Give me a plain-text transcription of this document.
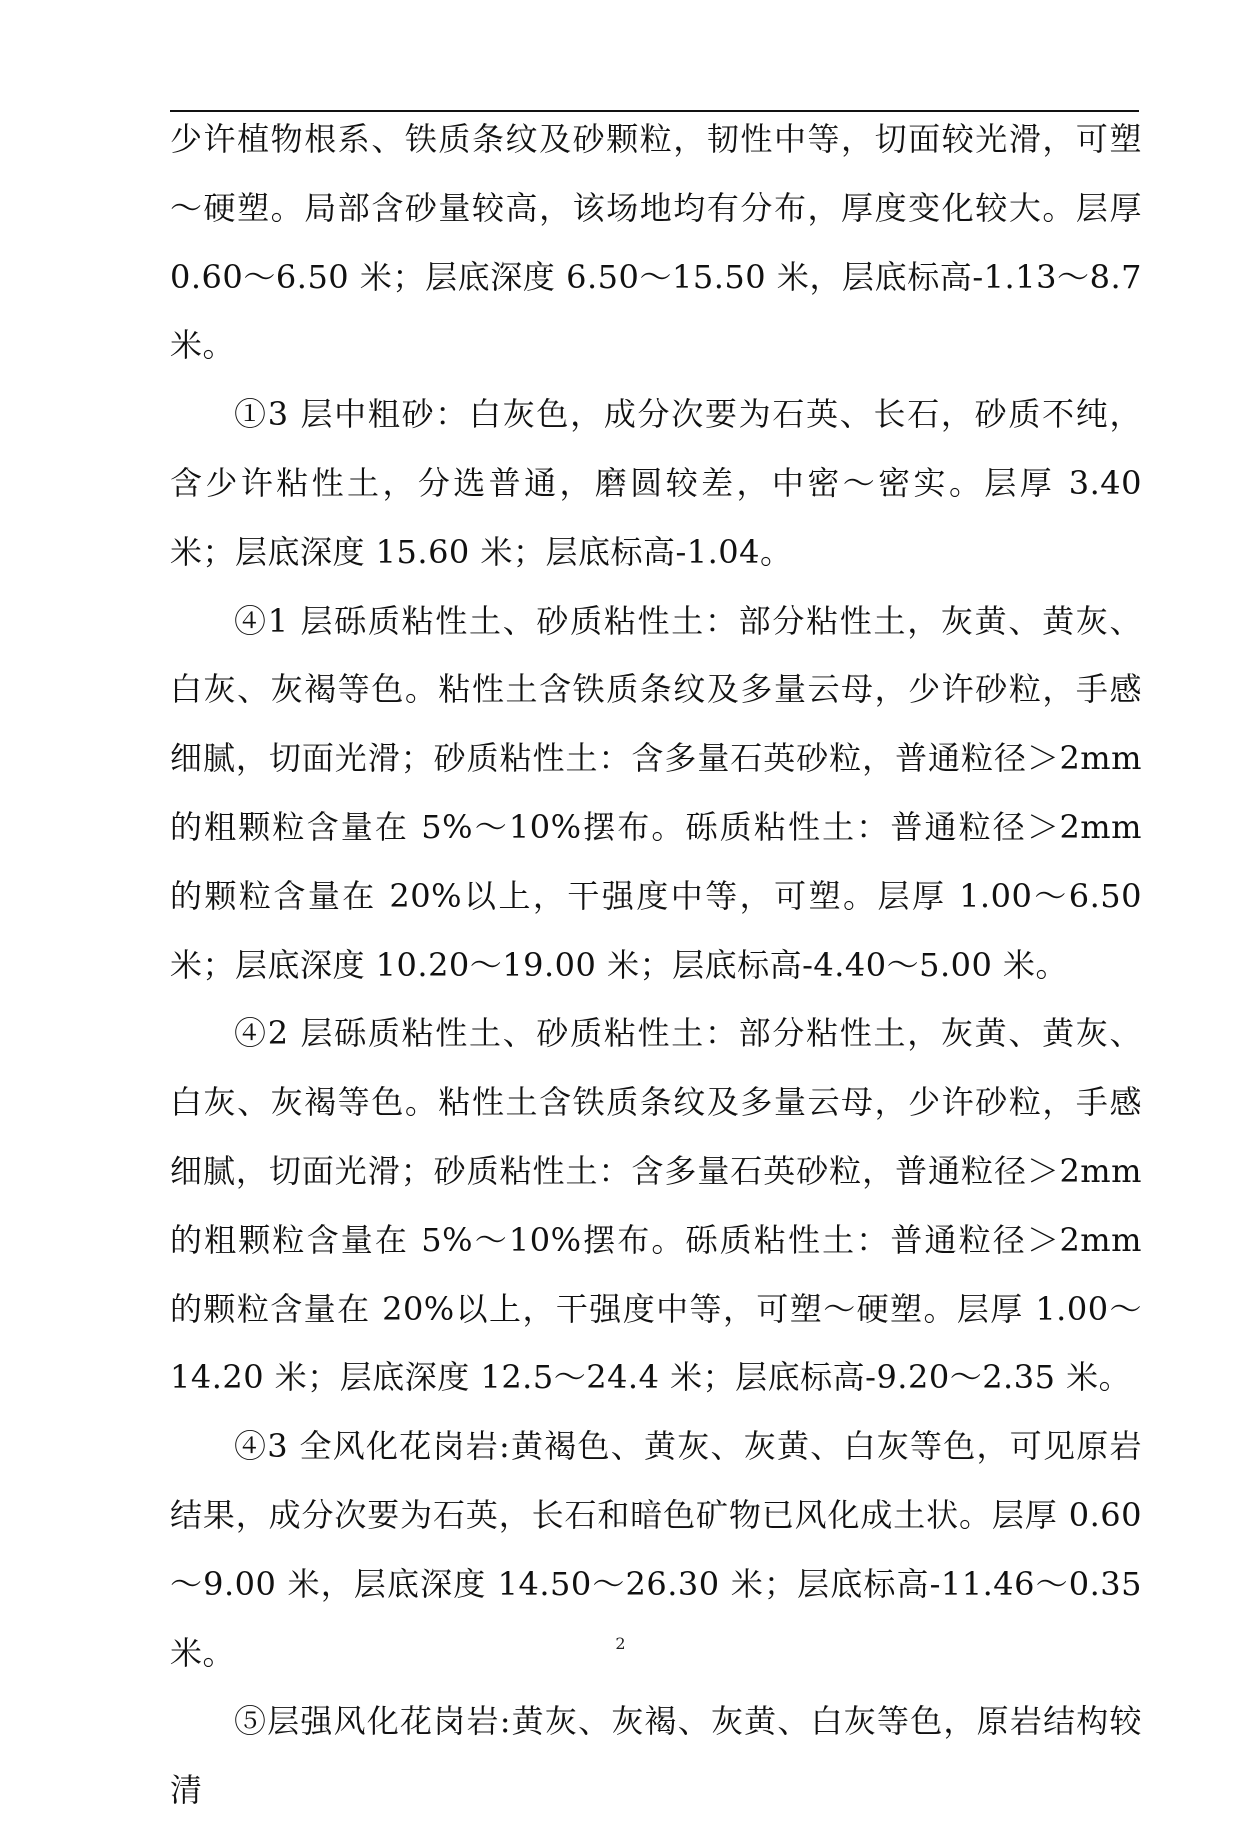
少许植物根系、铁质条纹及砂颗粒，韧性中等，切面较光滑，可塑～硬塑。局部含砂量较高，该场地均有分布，厚度变化较大。层厚 0.60～6.50 米；层底深度 6.50～15.50 米，层底标高-1.13～8.7 米。

①3 层中粗砂：白灰色，成分次要为石英、长石，砂质不纯，含少许粘性土，分选普通，磨圆较差，中密～密实。层厚 3.40 米；层底深度 15.60 米；层底标高-1.04。

④1 层砾质粘性土、砂质粘性土：部分粘性土，灰黄、黄灰、白灰、灰褐等色。粘性土含铁质条纹及多量云母，少许砂粒，手感细腻，切面光滑；砂质粘性土：含多量石英砂粒，普通粒径＞2mm 的粗颗粒含量在 5%～10%摆布。砾质粘性土：普通粒径＞2mm 的颗粒含量在 20%以上，干强度中等，可塑。层厚 1.00～6.50 米；层底深度 10.20～19.00 米；层底标高-4.40～5.00 米。

④2 层砾质粘性土、砂质粘性土：部分粘性土，灰黄、黄灰、白灰、灰褐等色。粘性土含铁质条纹及多量云母，少许砂粒，手感细腻，切面光滑；砂质粘性土：含多量石英砂粒，普通粒径＞2mm 的粗颗粒含量在 5%～10%摆布。砾质粘性土：普通粒径＞2mm 的颗粒含量在 20%以上，干强度中等，可塑～硬塑。层厚 1.00～14.20 米；层底深度 12.5～24.4 米；层底标高-9.20～2.35 米。

④3 全风化花岗岩:黄褐色、黄灰、灰黄、白灰等色，可见原岩结果，成分次要为石英，长石和暗色矿物已风化成土状。层厚 0.60～9.00 米，层底深度 14.50～26.30 米；层底标高-11.46～0.35 米。

⑤层强风化花岗岩:黄灰、灰褐、灰黄、白灰等色，原岩结构较清

2
